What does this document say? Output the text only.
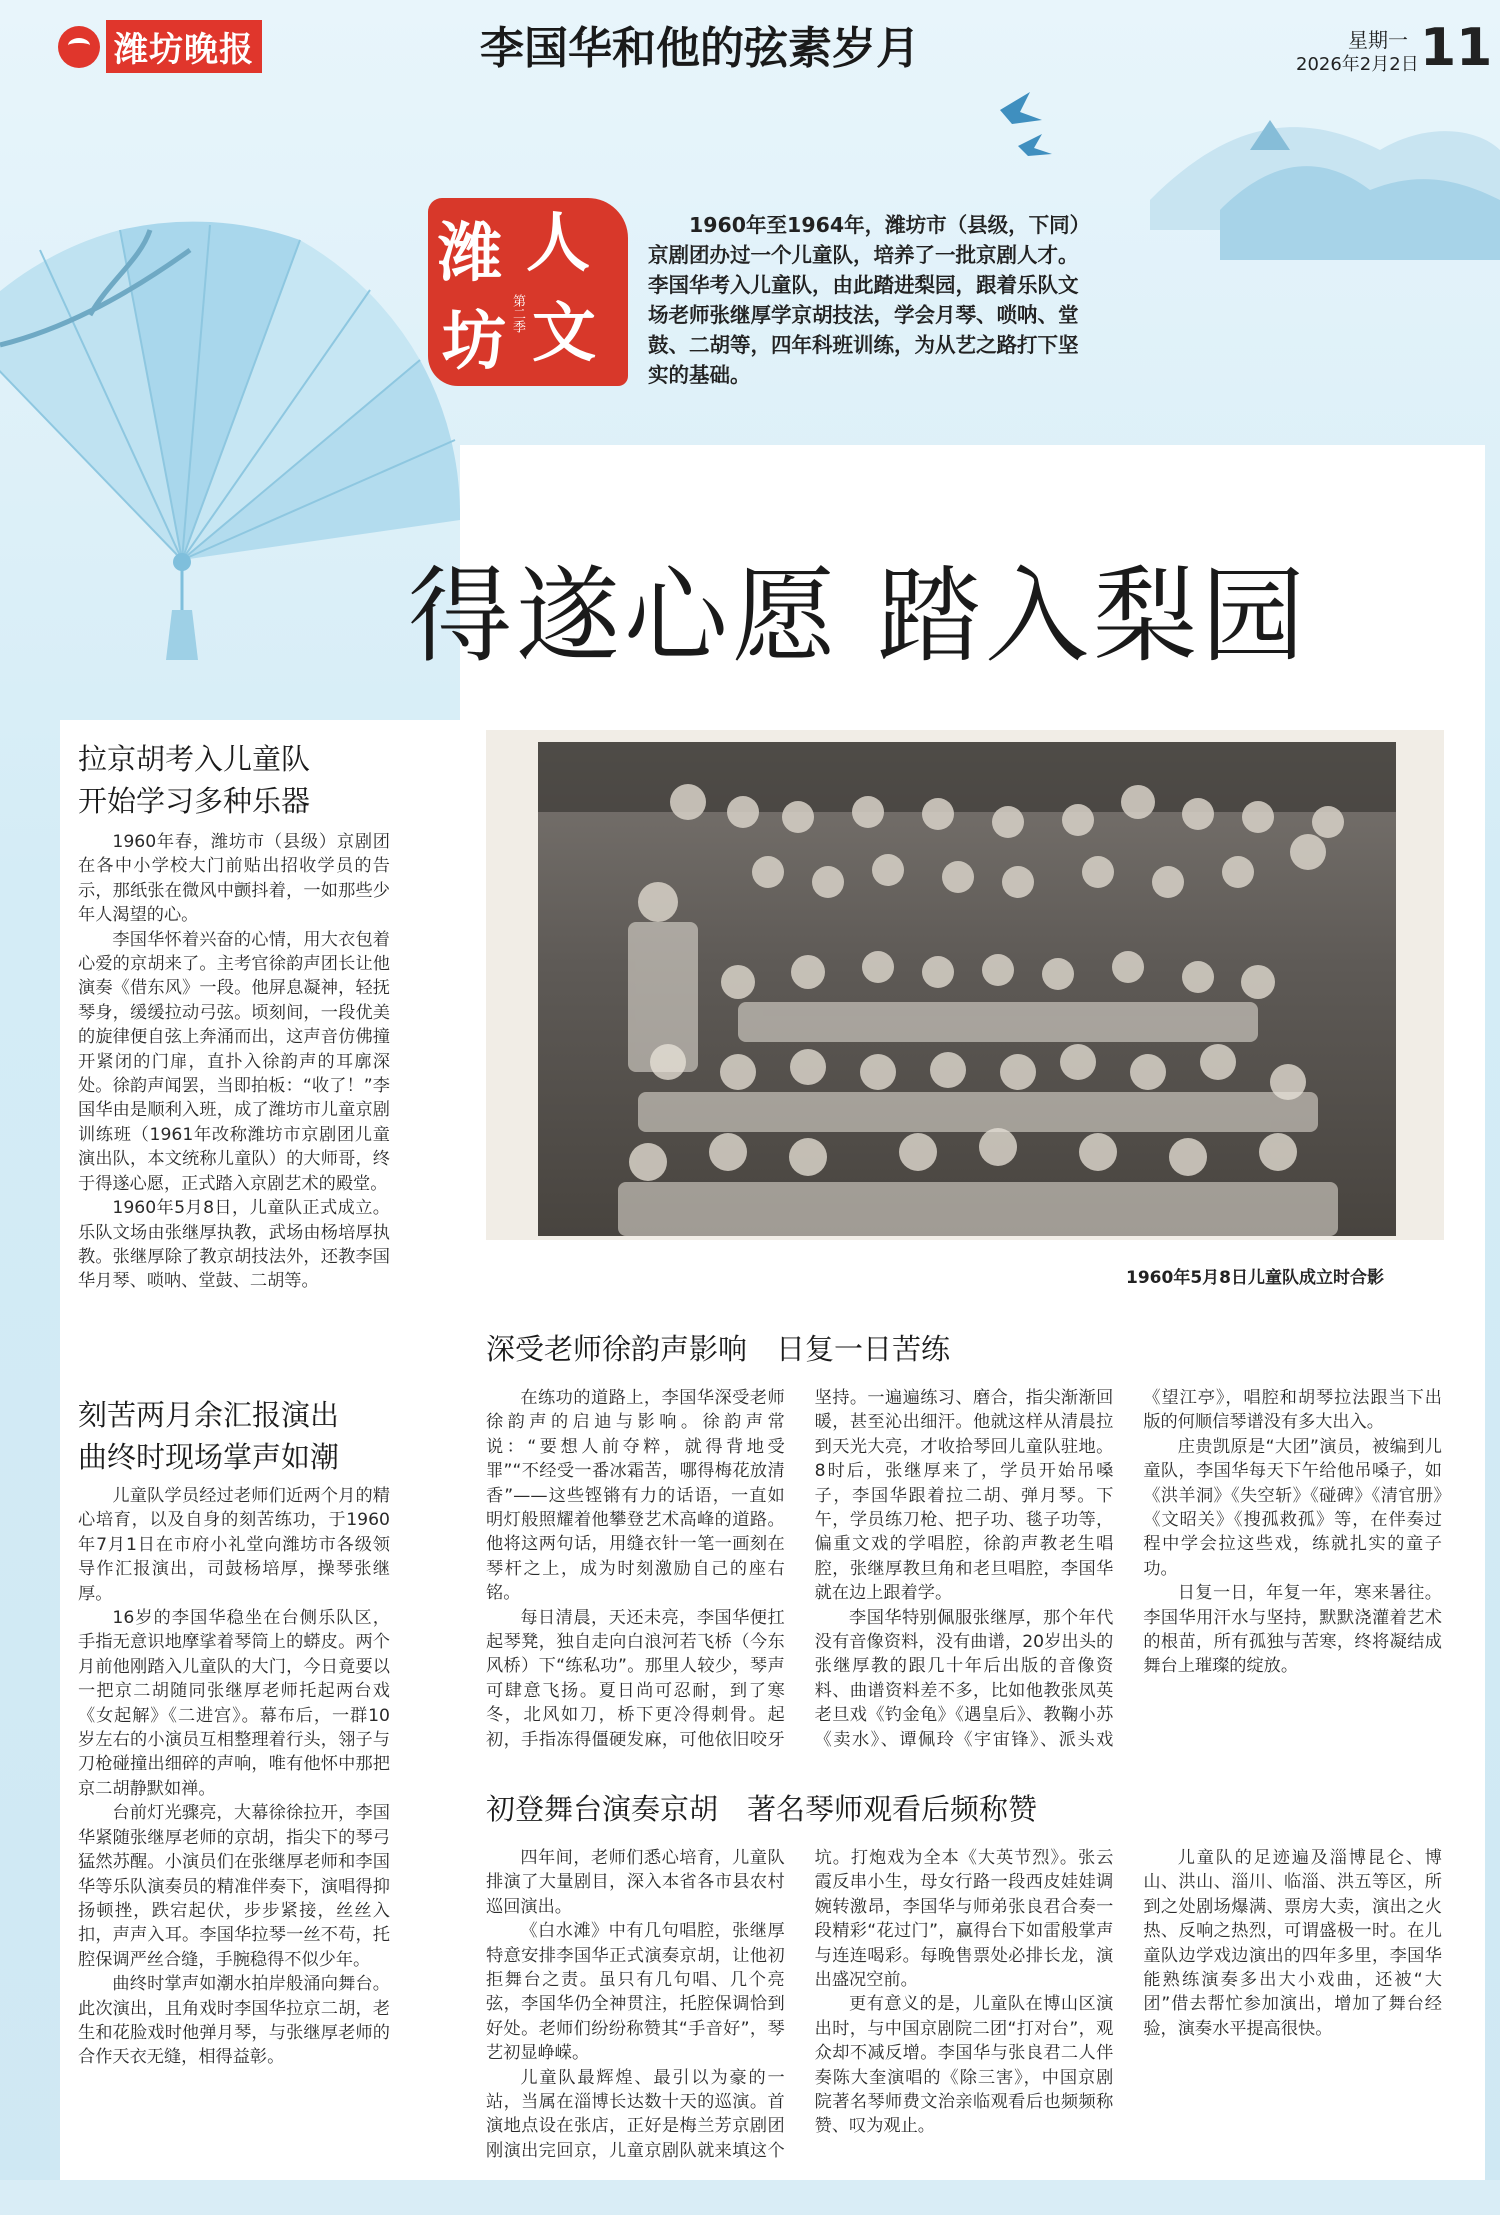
潍坊晚报	李国华和他的弦素岁月	星期一
2026年2月2日 11
潍 人
坊 文
第二季
1960年至1964年，潍坊市（县级，下同）京剧团办过一个儿童队，培养了一批京剧人才。李国华考入儿童队，由此踏进梨园，跟着乐队文场老师张继厚学京胡技法，学会月琴、唢呐、堂鼓、二胡等，四年科班训练，为从艺之路打下坚实的基础。
得遂心愿 踏入梨园
1960年5月8日儿童队成立时合影
拉京胡考入儿童队
开始学习多种乐器

1960年春，潍坊市（县级）京剧团在各中小学校大门前贴出招收学员的告示，那纸张在微风中颤抖着，一如那些少年人渴望的心。

李国华怀着兴奋的心情，用大衣包着心爱的京胡来了。主考官徐韵声团长让他演奏《借东风》一段。他屏息凝神，轻抚琴身，缓缓拉动弓弦。顷刻间，一段优美的旋律便自弦上奔涌而出，这声音仿佛撞开紧闭的门扉，直扑入徐韵声的耳廓深处。徐韵声闻罢，当即拍板：“收了！”李国华由是顺利入班，成了潍坊市儿童京剧训练班（1961年改称潍坊市京剧团儿童演出队，本文统称儿童队）的大师哥，终于得遂心愿，正式踏入京剧艺术的殿堂。

1960年5月8日，儿童队正式成立。乐队文场由张继厚执教，武场由杨培厚执教。张继厚除了教京胡技法外，还教李国华月琴、唢呐、堂鼓、二胡等。

刻苦两月余汇报演出
曲终时现场掌声如潮

儿童队学员经过老师们近两个月的精心培育，以及自身的刻苦练功，于1960年7月1日在市府小礼堂向潍坊市各级领导作汇报演出，司鼓杨培厚，操琴张继厚。

16岁的李国华稳坐在台侧乐队区，手指无意识地摩挲着琴筒上的蟒皮。两个月前他刚踏入儿童队的大门，今日竟要以一把京二胡随同张继厚老师托起两台戏《女起解》《二进宫》。幕布后，一群10岁左右的小演员互相整理着行头，翎子与刀枪碰撞出细碎的声响，唯有他怀中那把京二胡静默如禅。

台前灯光骤亮，大幕徐徐拉开，李国华紧随张继厚老师的京胡，指尖下的琴弓猛然苏醒。小演员们在张继厚老师和李国华等乐队演奏员的精准伴奏下，演唱得抑扬顿挫，跌宕起伏，步步紧接，丝丝入扣，声声入耳。李国华拉琴一丝不苟，托腔保调严丝合缝，手腕稳得不似少年。

曲终时掌声如潮水拍岸般涌向舞台。此次演出，且角戏时李国华拉京二胡，老生和花脸戏时他弹月琴，与张继厚老师的合作天衣无缝，相得益彰。

深受老师徐韵声影响　日复一日苦练

在练功的道路上，李国华深受老师徐韵声的启迪与影响。徐韵声常说：“要想人前夺粹，就得背地受罪”“不经受一番冰霜苦，哪得梅花放清香”——这些铿锵有力的话语，一直如明灯般照耀着他攀登艺术高峰的道路。他将这两句话，用缝衣针一笔一画刻在琴杆之上，成为时刻激励自己的座右铭。

每日清晨，天还未亮，李国华便扛起琴凳，独自走向白浪河若飞桥（今东风桥）下“练私功”。那里人较少，琴声可肆意飞扬。夏日尚可忍耐，到了寒冬，北风如刀，桥下更冷得刺骨。起初，手指冻得僵硬发麻，可他依旧咬牙坚持。一遍遍练习、磨合，指尖渐渐回暖，甚至沁出细汗。他就这样从清晨拉到天光大亮，才收拾琴回儿童队驻地。8时后，张继厚来了，学员开始吊嗓子，李国华跟着拉二胡、弹月琴。下午，学员练刀枪、把子功、毯子功等，偏重文戏的学唱腔，徐韵声教老生唱腔，张继厚教旦角和老旦唱腔，李国华就在边上跟着学。

李国华特别佩服张继厚，那个年代没有音像资料，没有曲谱，20岁出头的张继厚教的跟几十年后出版的音像资料、曲谱资料差不多，比如他教张凤英老旦戏《钓金龟》《遇皇后》、教鞠小苏《卖水》、谭佩玲《宇宙锋》、派头戏《望江亭》，唱腔和胡琴拉法跟当下出版的何顺信琴谱没有多大出入。

庄贵凯原是“大团”演员，被编到儿童队，李国华每天下午给他吊嗓子，如《洪羊洞》《失空斩》《碰碑》《清官册》《文昭关》《搜孤救孤》等，在伴奏过程中学会拉这些戏，练就扎实的童子功。

日复一日，年复一年，寒来暑往。李国华用汗水与坚持，默默浇灌着艺术的根苗，所有孤独与苦寒，终将凝结成舞台上璀璨的绽放。

初登舞台演奏京胡　著名琴师观看后频称赞

四年间，老师们悉心培育，儿童队排演了大量剧目，深入本省各市县农村巡回演出。

《白水滩》中有几句唱腔，张继厚特意安排李国华正式演奏京胡，让他初拒舞台之责。虽只有几句唱、几个亮弦，李国华仍全神贯注，托腔保调恰到好处。老师们纷纷称赞其“手音好”，琴艺初显峥嵘。

儿童队最辉煌、最引以为豪的一站，当属在淄博长达数十天的巡演。首演地点设在张店，正好是梅兰芳京剧团刚演出完回京，儿童京剧队就来填这个坑。打炮戏为全本《大英节烈》。张云霞反串小生，母女行路一段西皮娃娃调婉转激昂，李国华与师弟张良君合奏一段精彩“花过门”，赢得台下如雷般掌声与连连喝彩。每晚售票处必排长龙，演出盛况空前。

更有意义的是，儿童队在博山区演出时，与中国京剧院二团“打对台”，观众却不减反增。李国华与张良君二人伴奏陈大奎演唱的《除三害》，中国京剧院著名琴师费文治亲临观看后也频频称赞、叹为观止。

儿童队的足迹遍及淄博昆仑、博山、洪山、淄川、临淄、洪五等区，所到之处剧场爆满、票房大卖，演出之火热、反响之热烈，可谓盛极一时。在儿童队边学戏边演出的四年多里，李国华能熟练演奏多出大小戏曲，还被“大团”借去帮忙参加演出，增加了舞台经验，演奏水平提高很快。
